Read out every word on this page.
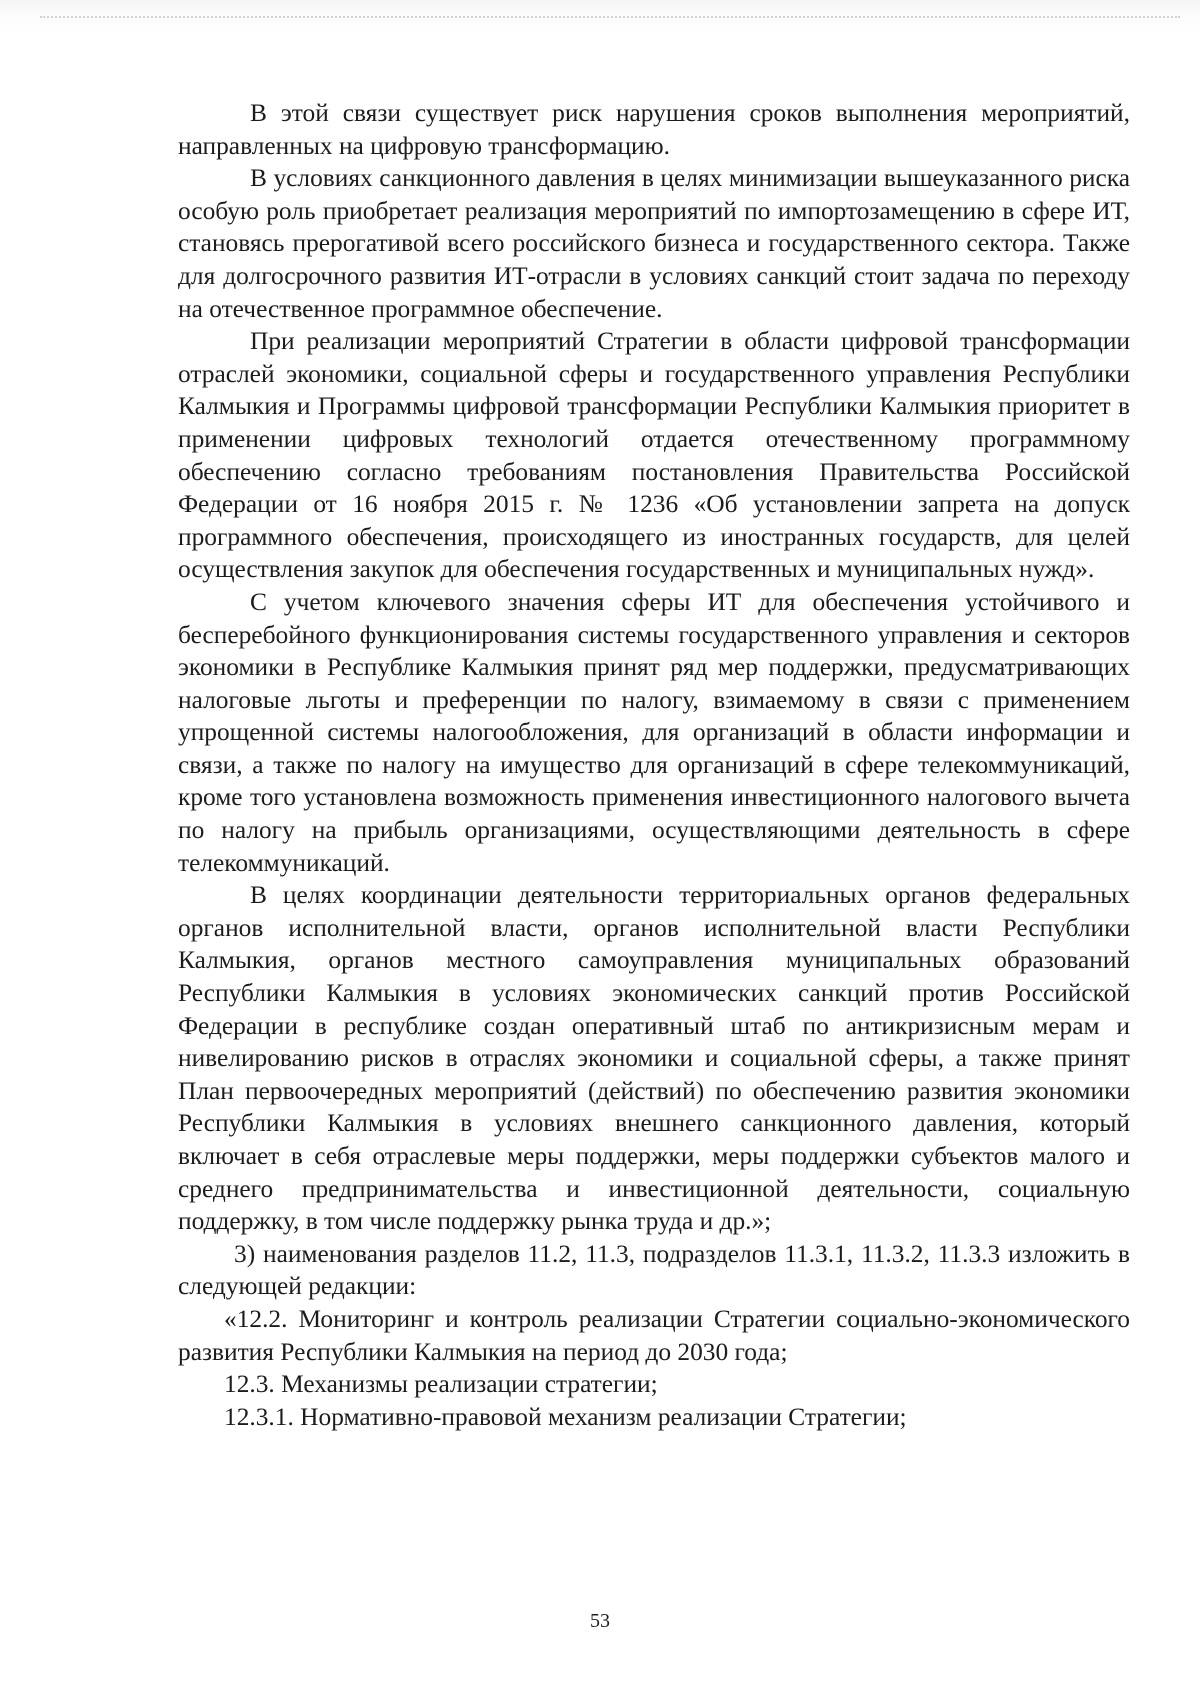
В этой связи существует риск нарушения сроков выполнения мероприятий, направленных на цифровую трансформацию.

В условиях санкционного давления в целях минимизации вышеуказанного риска особую роль приобретает реализация мероприятий по импортозамещению в сфере ИТ, становясь прерогативой всего российского бизнеса и государственного сектора. Также для долгосрочного развития ИТ-отрасли в условиях санкций стоит задача по переходу на отечественное программное обеспечение.

При реализации мероприятий Стратегии в области цифровой трансформации отраслей экономики, социальной сферы и государственного управления Республики Калмыкия и Программы цифровой трансформации Республики Калмыкия приоритет в применении цифровых технологий отдается отечественному программному обеспечению согласно требованиям постановления Правительства Российской Федерации от 16 ноября 2015 г. № 1236 «Об установлении запрета на допуск программного обеспечения, происходящего из иностранных государств, для целей осуществления закупок для обеспечения государственных и муниципальных нужд».

С учетом ключевого значения сферы ИТ для обеспечения устойчивого и бесперебойного функционирования системы государственного управления и секторов экономики в Республике Калмыкия принят ряд мер поддержки, предусматривающих налоговые льготы и преференции по налогу, взимаемому в связи с применением упрощенной системы налогообложения, для организаций в области информации и связи, а также по налогу на имущество для организаций в сфере телекоммуникаций, кроме того установлена возможность применения инвестиционного налогового вычета по налогу на прибыль организациями, осуществляющими деятельность в сфере телекоммуникаций.

В целях координации деятельности территориальных органов федеральных органов исполнительной власти, органов исполнительной власти Республики Калмыкия, органов местного самоуправления муниципальных образований Республики Калмыкия в условиях экономических санкций против Российской Федерации в республике создан оперативный штаб по антикризисным мерам и нивелированию рисков в отраслях экономики и социальной сферы, а также принят План первоочередных мероприятий (действий) по обеспечению развития экономики Республики Калмыкия в условиях внешнего санкционного давления, который включает в себя отраслевые меры поддержки, меры поддержки субъектов малого и среднего предпринимательства и инвестиционной деятельности, социальную поддержку, в том числе поддержку рынка труда и др.»;

3) наименования разделов 11.2, 11.3, подразделов 11.3.1, 11.3.2, 11.3.3 изложить в следующей редакции:

«12.2. Мониторинг и контроль реализации Стратегии социально-экономического развития Республики Калмыкия на период до 2030 года;

12.3. Механизмы реализации стратегии;

12.3.1. Нормативно-правовой механизм реализации Стратегии;

53
